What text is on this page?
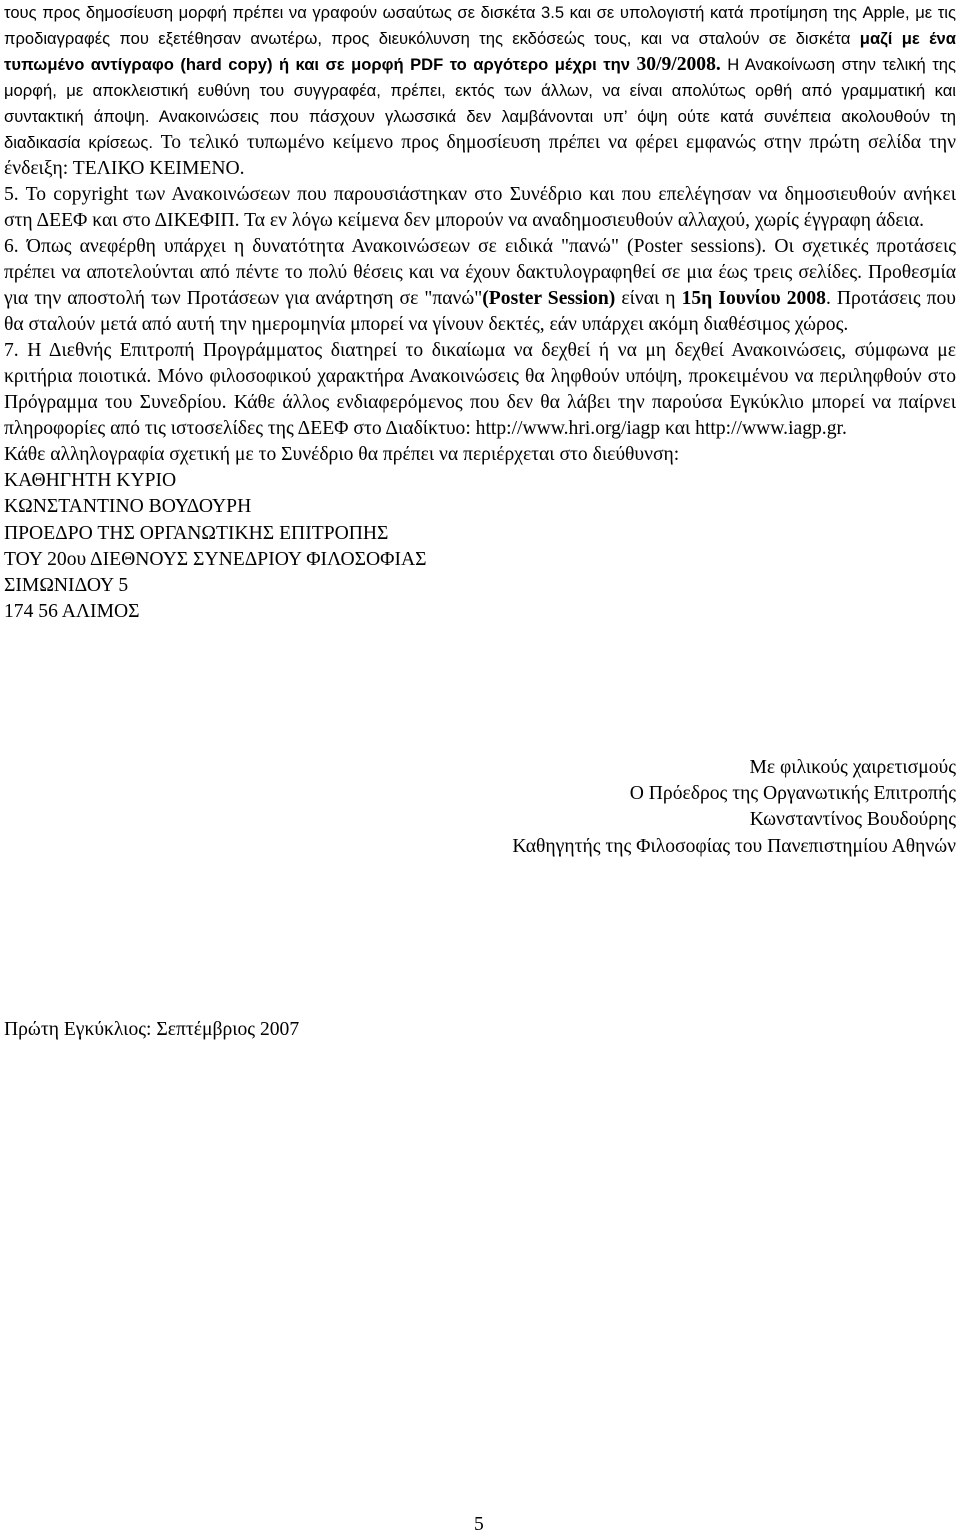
τους προς δημοσίευση μορφή πρέπει να γραφούν ωσαύτως σε δισκέτα 3.5 και σε υπολογιστή κατά προτίμηση της Apple, με τις προδιαγραφές που εξετέθησαν ανωτέρω, προς διευκόλυνση της εκδόσεώς τους, και να σταλούν σε δισκέτα μαζί με ένα τυπωμένο αντίγραφο (hard copy) ή και σε μορφή PDF το αργότερο μέχρι την 30/9/2008. Η Ανακοίνωση στην τελική της μορφή, με αποκλειστική ευθύνη του συγγραφέα, πρέπει, εκτός των άλλων, να είναι απολύτως ορθή από γραμματική και συντακτική άποψη. Ανακοινώσεις που πάσχουν γλωσσικά δεν λαμβάνονται υπ’ όψη ούτε κατά συνέπεια ακολουθούν τη διαδικασία κρίσεως. Το τελικό τυπωμένο κείμενο προς δημοσίευση πρέπει να φέρει εμφανώς στην πρώτη σελίδα την ένδειξη: ΤΕΛΙΚΟ ΚΕΙΜΕΝΟ.

5. Το copyright των Ανακοινώσεων που παρουσιάστηκαν στο Συνέδριο και που επελέγησαν να δημοσιευθούν ανήκει στη ΔΕΕΦ και στο ΔΙΚΕΦΙΠ. Τα εν λόγω κείμενα δεν μπορούν να αναδημοσιευθούν αλλαχού, χωρίς έγγραφη άδεια.

6. Όπως ανεφέρθη υπάρχει η δυνατότητα Ανακοινώσεων σε ειδικά "πανώ" (Poster sessions). Οι σχετικές προτάσεις πρέπει να αποτελούνται από πέντε το πολύ θέσεις και να έχουν δακτυλογραφηθεί σε μια έως τρεις σελίδες. Προθεσμία για την αποστολή των Προτάσεων για ανάρτηση σε "πανώ"(Poster Session) είναι η 15η Ιουνίου 2008. Προτάσεις που θα σταλούν μετά από αυτή την ημερομηνία μπορεί να γίνουν δεκτές, εάν υπάρχει ακόμη διαθέσιμος χώρος.

7. Η Διεθνής Επιτροπή Προγράμματος διατηρεί το δικαίωμα να δεχθεί ή να μη δεχθεί Ανακοινώσεις, σύμφωνα με κριτήρια ποιοτικά. Μόνο φιλοσοφικού χαρακτήρα Ανακοινώσεις θα ληφθούν υπόψη, προκειμένου να περιληφθούν στο Πρόγραμμα του Συνεδρίου. Κάθε άλλος ενδιαφερόμενος που δεν θα λάβει την παρούσα Εγκύκλιο μπορεί να παίρνει πληροφορίες από τις ιστοσελίδες της ΔΕΕΦ στο Διαδίκτυο: http://www.hri.org/iagp και http://www.iagp.gr.

Κάθε αλληλογραφία σχετική με το Συνέδριο θα πρέπει να περιέρχεται στο διεύθυνση:
ΚΑΘΗΓΗΤΗ ΚΥΡΙΟ
ΚΩΝΣΤΑΝΤΙΝΟ ΒΟΥΔΟΥΡΗ
ΠΡΟΕΔΡΟ ΤΗΣ ΟΡΓΑΝΩΤΙΚΗΣ ΕΠΙΤΡΟΠΗΣ
ΤΟΥ 20ου ΔΙΕΘΝΟΥΣ ΣΥΝΕΔΡΙΟΥ ΦΙΛΟΣΟΦΙΑΣ
ΣΙΜΩΝΙΔΟΥ 5
174 56 ΑΛΙΜΟΣ
Με φιλικούς χαιρετισμούς
Ο Πρόεδρος της Οργανωτικής Επιτροπής
Κωνσταντίνος Βουδούρης
Καθηγητής της Φιλοσοφίας του Πανεπιστημίου Αθηνών
Πρώτη Εγκύκλιος: Σεπτέμβριος 2007
5
